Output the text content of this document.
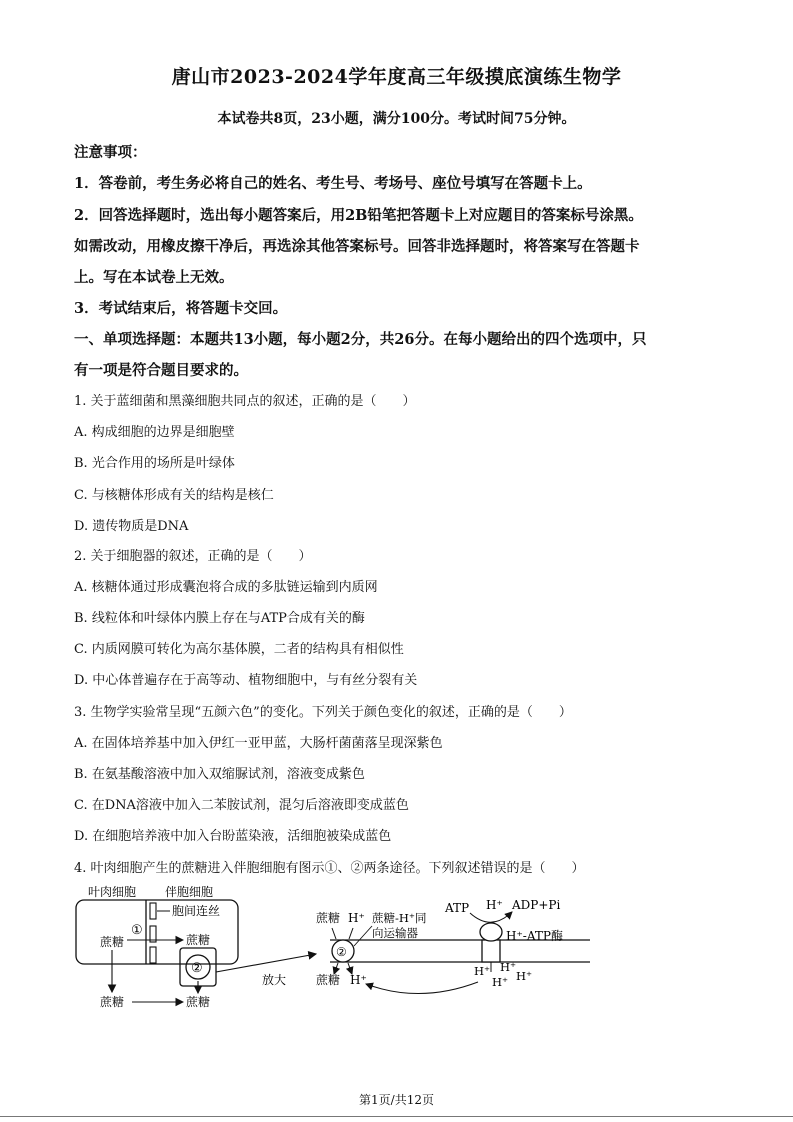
唐山市2023-2024学年度高三年级摸底演练生物学
本试卷共8页，23小题，满分100分。考试时间75分钟。
注意事项：
1．答卷前，考生务必将自己的姓名、考生号、考场号、座位号填写在答题卡上。
2．回答选择题时，选出每小题答案后，用2B铅笔把答题卡上对应题目的答案标号涂黑。
如需改动，用橡皮擦干净后，再选涂其他答案标号。回答非选择题时，将答案写在答题卡
上。写在本试卷上无效。
3．考试结束后，将答题卡交回。
一、单项选择题：本题共13小题，每小题2分，共26分。在每小题给出的四个选项中，只
有一项是符合题目要求的。
1. 关于蓝细菌和黑藻细胞共同点的叙述，正确的是（　　）
A. 构成细胞的边界是细胞壁
B. 光合作用的场所是叶绿体
C. 与核糖体形成有关的结构是核仁
D. 遗传物质是DNA
2. 关于细胞器的叙述，正确的是（　　）
A. 核糖体通过形成囊泡将合成的多肽链运输到内质网
B. 线粒体和叶绿体内膜上存在与ATP合成有关的酶
C. 内质网膜可转化为高尔基体膜，二者的结构具有相似性
D. 中心体普遍存在于高等动、植物细胞中，与有丝分裂有关
3. 生物学实验常呈现“五颜六色”的变化。下列关于颜色变化的叙述，正确的是（　　）
A. 在固体培养基中加入伊红一亚甲蓝，大肠杆菌菌落呈现深紫色
B. 在氨基酸溶液中加入双缩脲试剂，溶液变成紫色
C. 在DNA溶液中加入二苯胺试剂，混匀后溶液即变成蓝色
D. 在细胞培养液中加入台盼蓝染液，活细胞被染成蓝色
4. 叶肉细胞产生的蔗糖进入伴胞细胞有图示①、②两条途径。下列叙述错误的是（　　）
叶肉细胞 伴胞细胞
胞间连丝
蔗糖
①
蔗糖
②
蔗糖	蔗糖
放大
蔗糖 H⁺
②
蔗糖 H⁺
蔗糖-H⁺同
向运输器
ATP H⁺ ADP+Pi
H⁺-ATP酶
H⁺ H⁺
H⁺ H⁺
第1页/共12页
